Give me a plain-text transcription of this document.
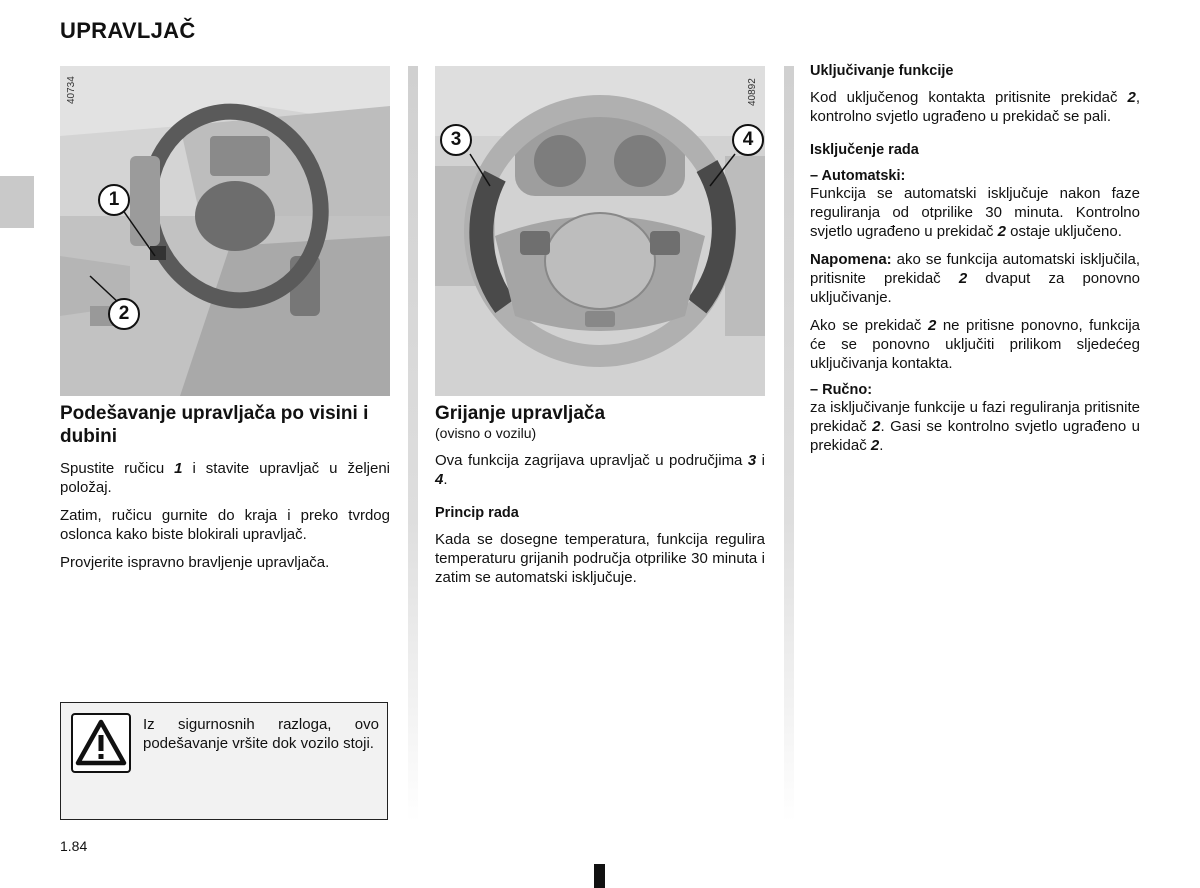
UPRAVLJAČ
40734
1
2
Podešavanje upravljača po visini i dubini

Spustite ručicu 1 i stavite upravljač u željeni položaj.

Zatim, ručicu gurnite do kraja i preko tvrdog oslonca kako biste blokirali upravljač.

Provjerite ispravno bravljenje upravljača.

Iz sigurnosnih razloga, ovo podešavanje vršite dok vozilo stoji.
40892
3	4
Grijanje upravljača
(ovisno o vozilu)

Ova funkcija zagrijava upravljač u područjima 3 i 4.

Princip rada

Kada se dosegne temperatura, funkcija regulira temperaturu grijanih područja otprilike 30 minuta i zatim se automatski isključuje.

Uključivanje funkcije

Kod uključenog kontakta pritisnite prekidač 2, kontrolno svjetlo ugrađeno u prekidač se pali.

Isključenje rada
– Automatski:

Funkcija se automatski isključuje nakon faze reguliranja od otprilike 30 minuta. Kontrolno svjetlo ugrađeno u prekidač 2 ostaje uključeno.

Napomena: ako se funkcija automatski isključila, pritisnite prekidač 2 dvaput za ponovno uključivanje.

Ako se prekidač 2 ne pritisne ponovno, funkcija će se ponovno uključiti prilikom sljedećeg uključivanja kontakta.

– Ručno:

za isključivanje funkcije u fazi reguliranja pritisnite prekidač 2. Gasi se kontrolno svjetlo ugrađeno u prekidač 2.

1.84
